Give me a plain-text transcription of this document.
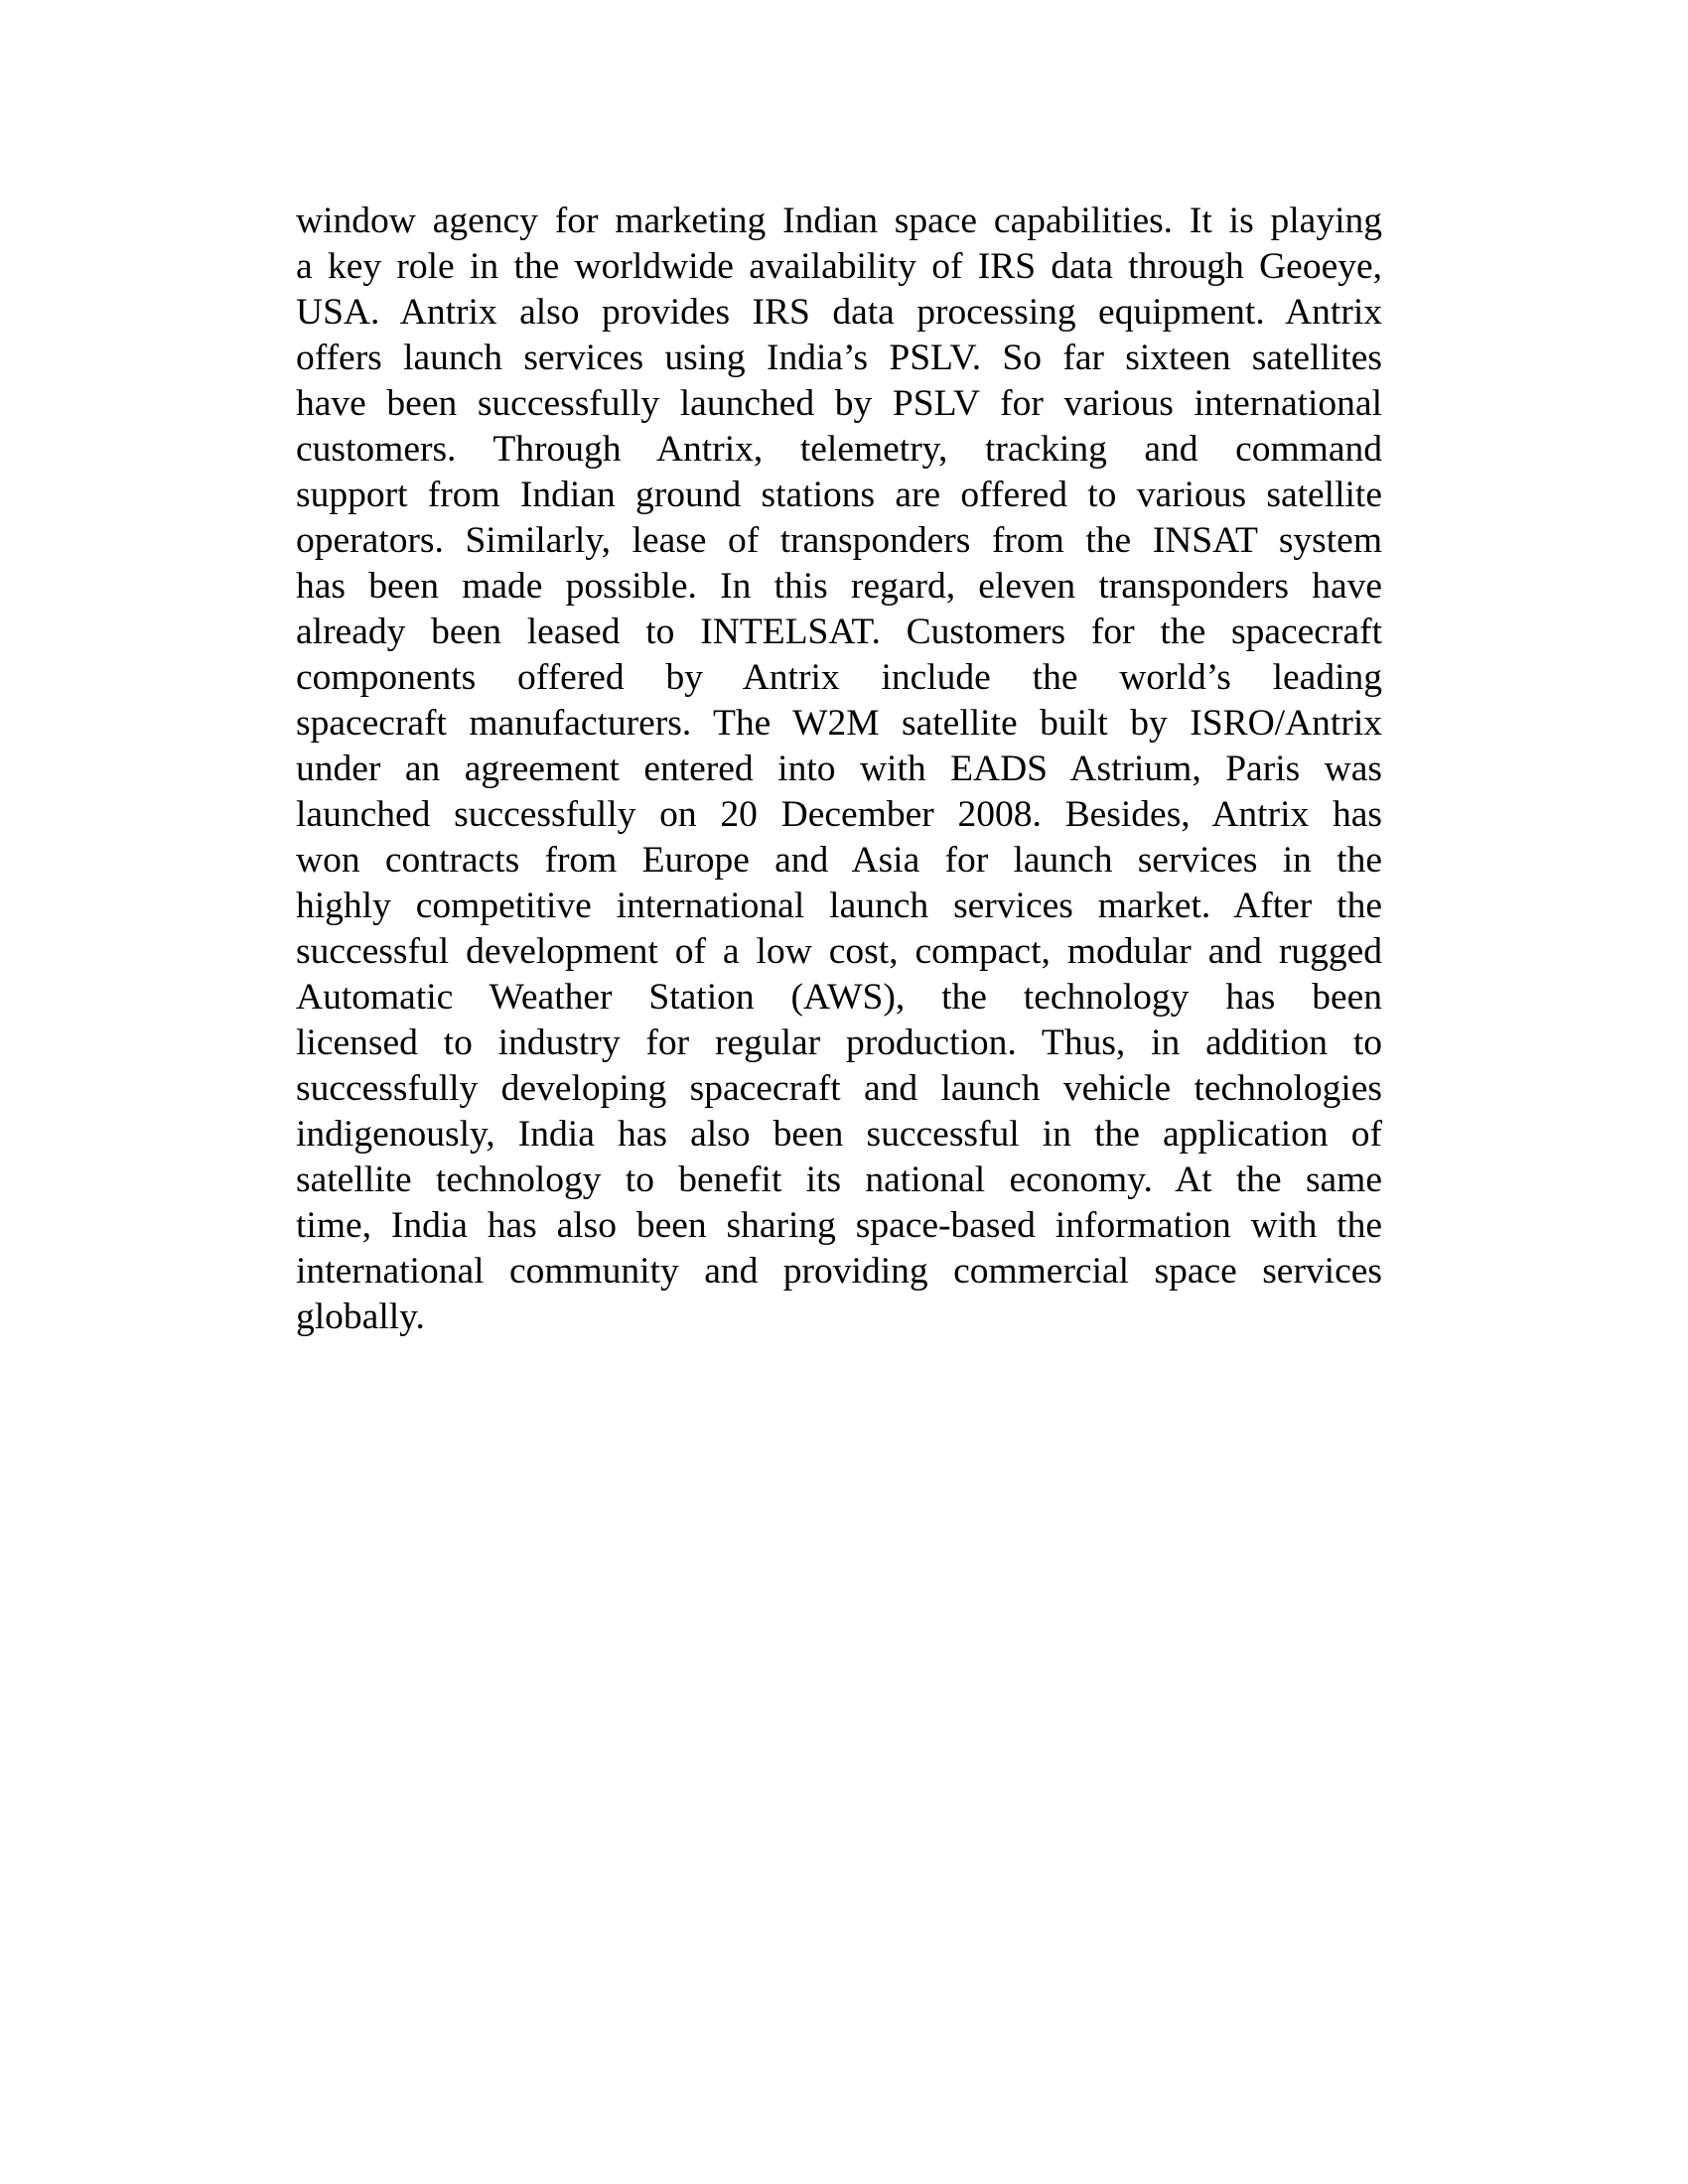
window agency for marketing Indian space capabilities. It is playing
a key role in the worldwide availability of IRS data through Geoeye,
USA. Antrix also provides IRS data processing equipment. Antrix
offers launch services using India’s PSLV. So far sixteen satellites
have been successfully launched by PSLV for various international
customers. Through Antrix, telemetry, tracking and command
support from Indian ground stations are offered to various satellite
operators. Similarly, lease of transponders from the INSAT system
has been made possible. In this regard, eleven transponders have
already been leased to INTELSAT. Customers for the spacecraft
components offered by Antrix include the world’s leading
spacecraft manufacturers. The W2M satellite built by ISRO/Antrix
under an agreement entered into with EADS Astrium, Paris was
launched successfully on 20 December 2008. Besides, Antrix has
won contracts from Europe and Asia for launch services in the
highly competitive international launch services market. After the
successful development of a low cost, compact, modular and rugged
Automatic Weather Station (AWS), the technology has been
licensed to industry for regular production. Thus, in addition to
successfully developing spacecraft and launch vehicle technologies
indigenously, India has also been successful in the application of
satellite technology to benefit its national economy. At the same
time, India has also been sharing space-based information with the
international community and providing commercial space services
globally.
